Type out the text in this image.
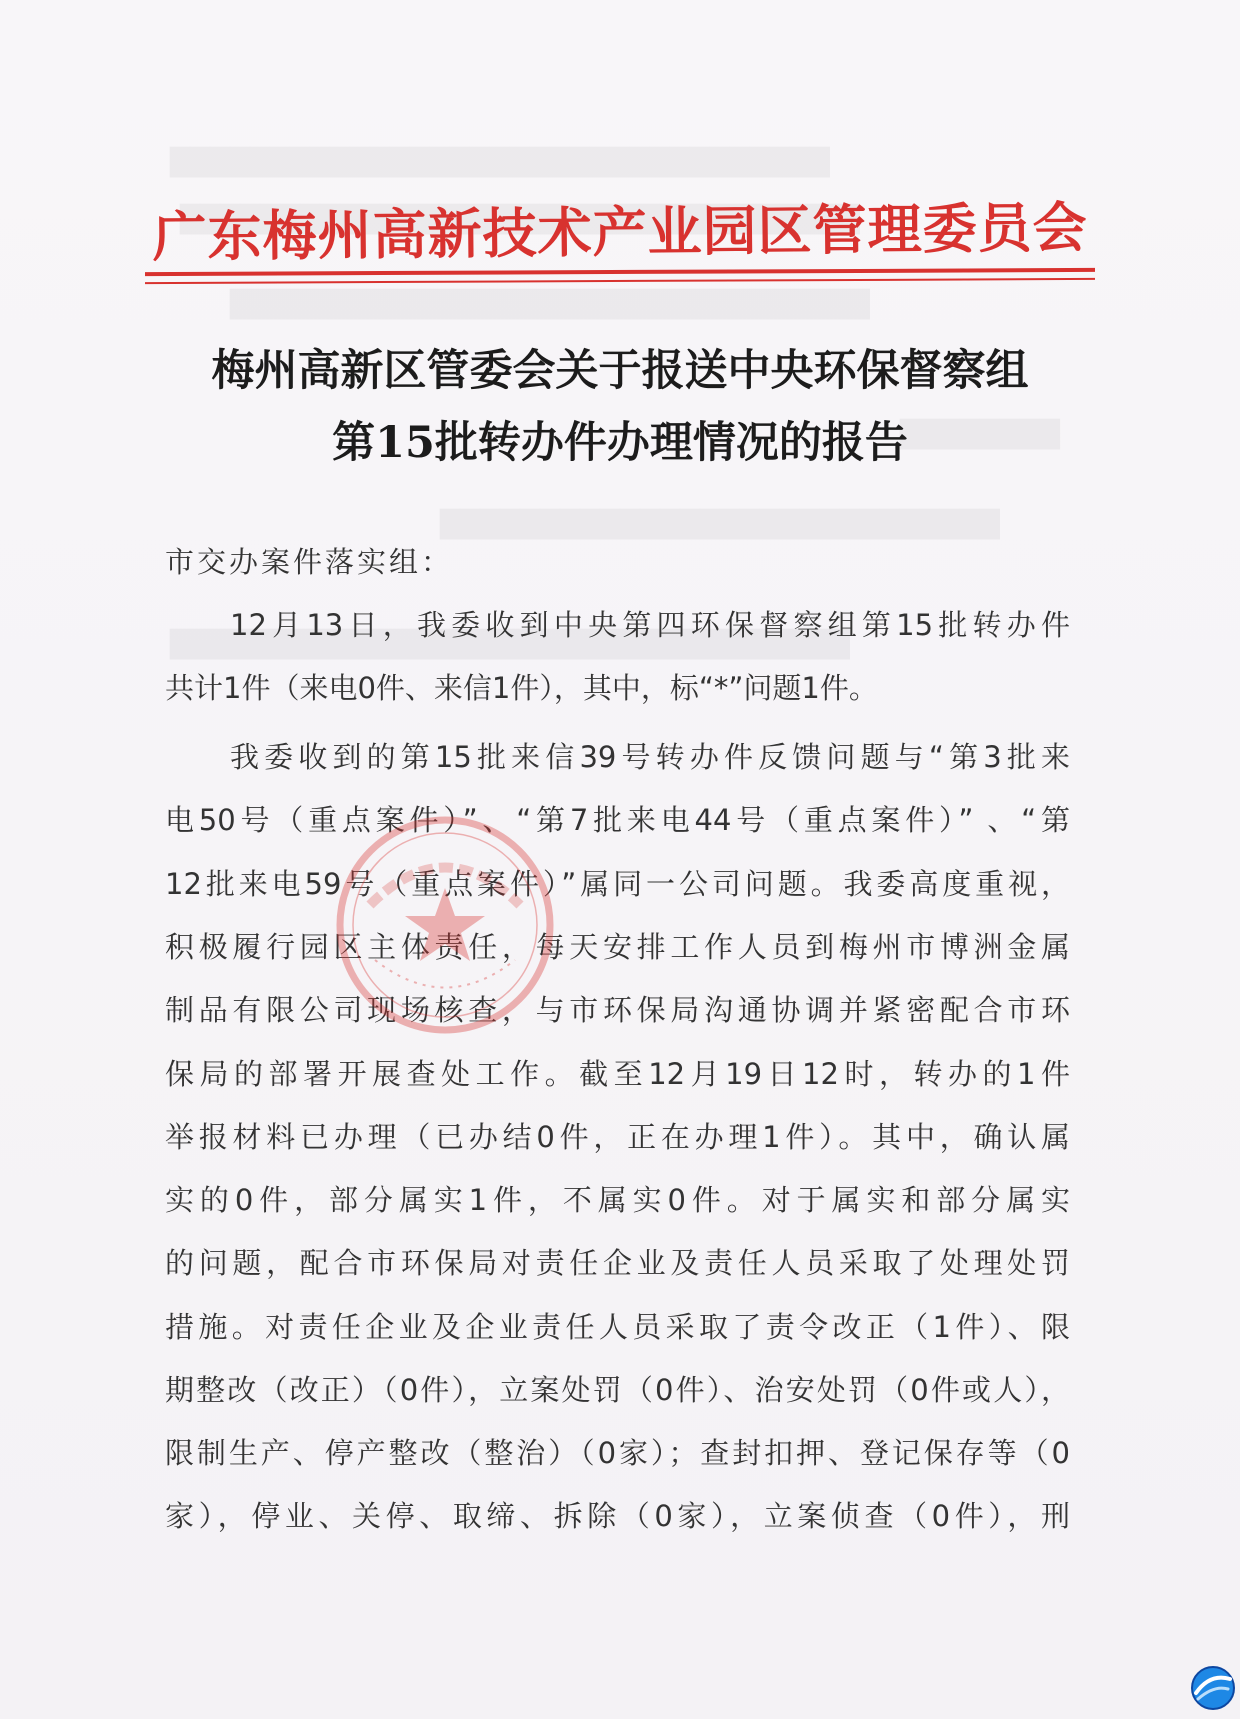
广东梅州高新技术产业园区管理委员会
梅州高新区管委会关于报送中央环保督察组
第15批转办件办理情况的报告
市交办案件落实组：
12月13日，我委收到中央第四环保督察组第15批转办件
共计1件（来电0件、来信1件），其中，标“*”问题1件。
我委收到的第15批来信39号转办件反馈问题与“第3批来
电50号（重点案件）”、“第7批来电44号（重点案件）” 、“第
12批来电59号（重点案件）”属同一公司问题。我委高度重视，
积极履行园区主体责任，每天安排工作人员到梅州市博洲金属
制品有限公司现场核查，与市环保局沟通协调并紧密配合市环
保局的部署开展查处工作。截至12月19日12时，转办的1件
举报材料已办理（已办结0件，正在办理1件）。其中，确认属
实的0件，部分属实1件，不属实0件。对于属实和部分属实
的问题，配合市环保局对责任企业及责任人员采取了处理处罚
措施。对责任企业及企业责任人员采取了责令改正（1件）、限
期整改（改正）（0件），立案处罚（0件）、治安处罚（0件或人），
限制生产、停产整改（整治）（0家）；查封扣押、登记保存等（0
家），停业、关停、取缔、拆除（0家），立案侦查（0件），刑
